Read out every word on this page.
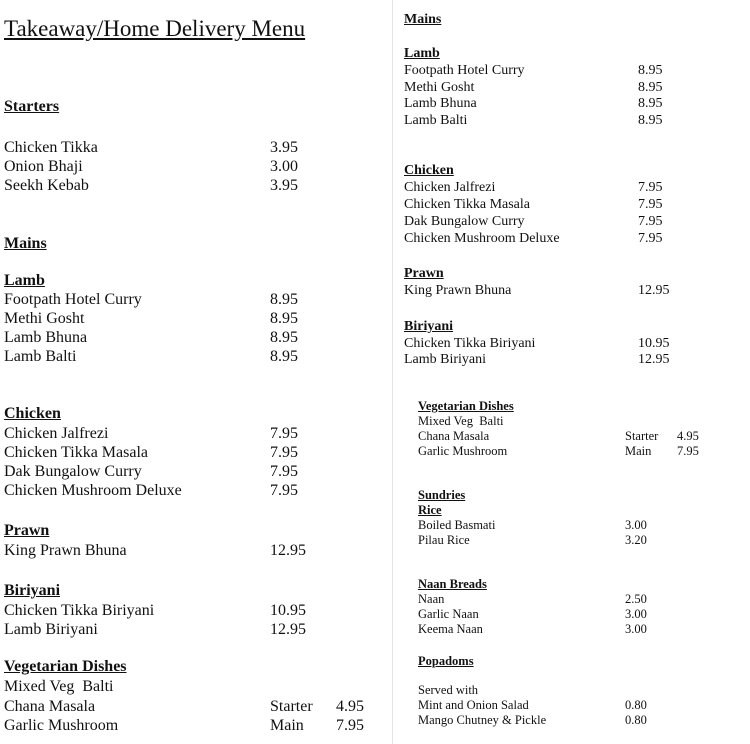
Takeaway/Home Delivery Menu
Starters
Chicken Tikka	3.95
Onion Bhaji	3.00
Seekh Kebab	3.95
Mains
Lamb
Footpath Hotel Curry	8.95
Methi Gosht	8.95
Lamb Bhuna	8.95
Lamb Balti	8.95
Chicken
Chicken Jalfrezi	7.95
Chicken Tikka Masala	7.95
Dak Bungalow Curry	7.95
Chicken Mushroom Deluxe	7.95
Prawn
King Prawn Bhuna	12.95
Biriyani
Chicken Tikka Biriyani	10.95
Lamb Biriyani	12.95
Vegetarian Dishes
Mixed Veg  Balti
Chana Masala	Starter 4.95
Garlic Mushroom	Main 7.95
Mains
Lamb
Footpath Hotel Curry	8.95
Methi Gosht	8.95
Lamb Bhuna	8.95
Lamb Balti	8.95
Chicken
Chicken Jalfrezi	7.95
Chicken Tikka Masala	7.95
Dak Bungalow Curry	7.95
Chicken Mushroom Deluxe	7.95
Prawn
King Prawn Bhuna	12.95
Biriyani
Chicken Tikka Biriyani	10.95
Lamb Biriyani	12.95
Vegetarian Dishes
Mixed Veg  Balti
Chana Masala	Starter 4.95
Garlic Mushroom	Main 7.95
Sundries
Rice
Boiled Basmati	3.00
Pilau Rice	3.20
Naan Breads
Naan	2.50
Garlic Naan	3.00
Keema Naan	3.00
Popadoms
Served with
Mint and Onion Salad	0.80
Mango Chutney & Pickle	0.80
